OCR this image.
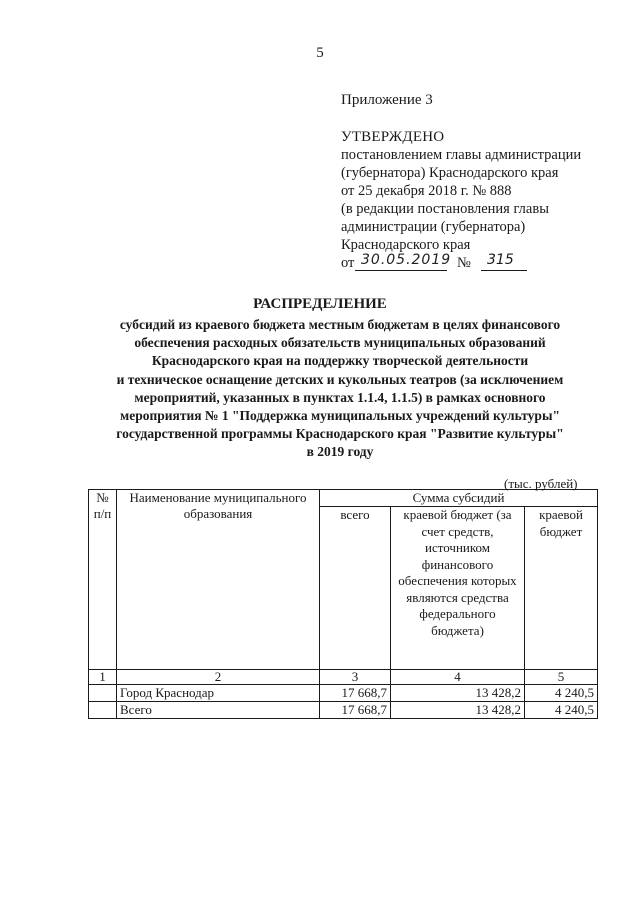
5
Приложение 3
УТВЕРЖДЕНО
постановлением главы администрации
(губернатора) Краснодарского края
от 25 декабря 2018 г. № 888
(в редакции постановления главы
администрации (губернатора)
Краснодарского края
от 30.05.2019 №	315
РАСПРЕДЕЛЕНИЕ
субсидий из краевого бюджета местным бюджетам в целях финансового
обеспечения расходных обязательств муниципальных образований
Краснодарского края на поддержку творческой деятельности
и техническое оснащение детских и кукольных театров (за исключением
мероприятий, указанных в пунктах 1.1.4, 1.1.5) в рамках основного
мероприятия № 1 "Поддержка муниципальных учреждений культуры"
государственной программы Краснодарского края "Развитие культуры"
в 2019 году
(тыс. рублей)
№ п/п	Наименование муниципального образования	Сумма субсидий		
		всего	краевой бюджет (за счет средств, источником финансового обеспечения которых являются средства федерального бюджета)	краевой бюджет
1	2	3	4	5
	Город Краснодар	17 668,7	13 428,2	4 240,5
	Всего	17 668,7	13 428,2	4 240,5
